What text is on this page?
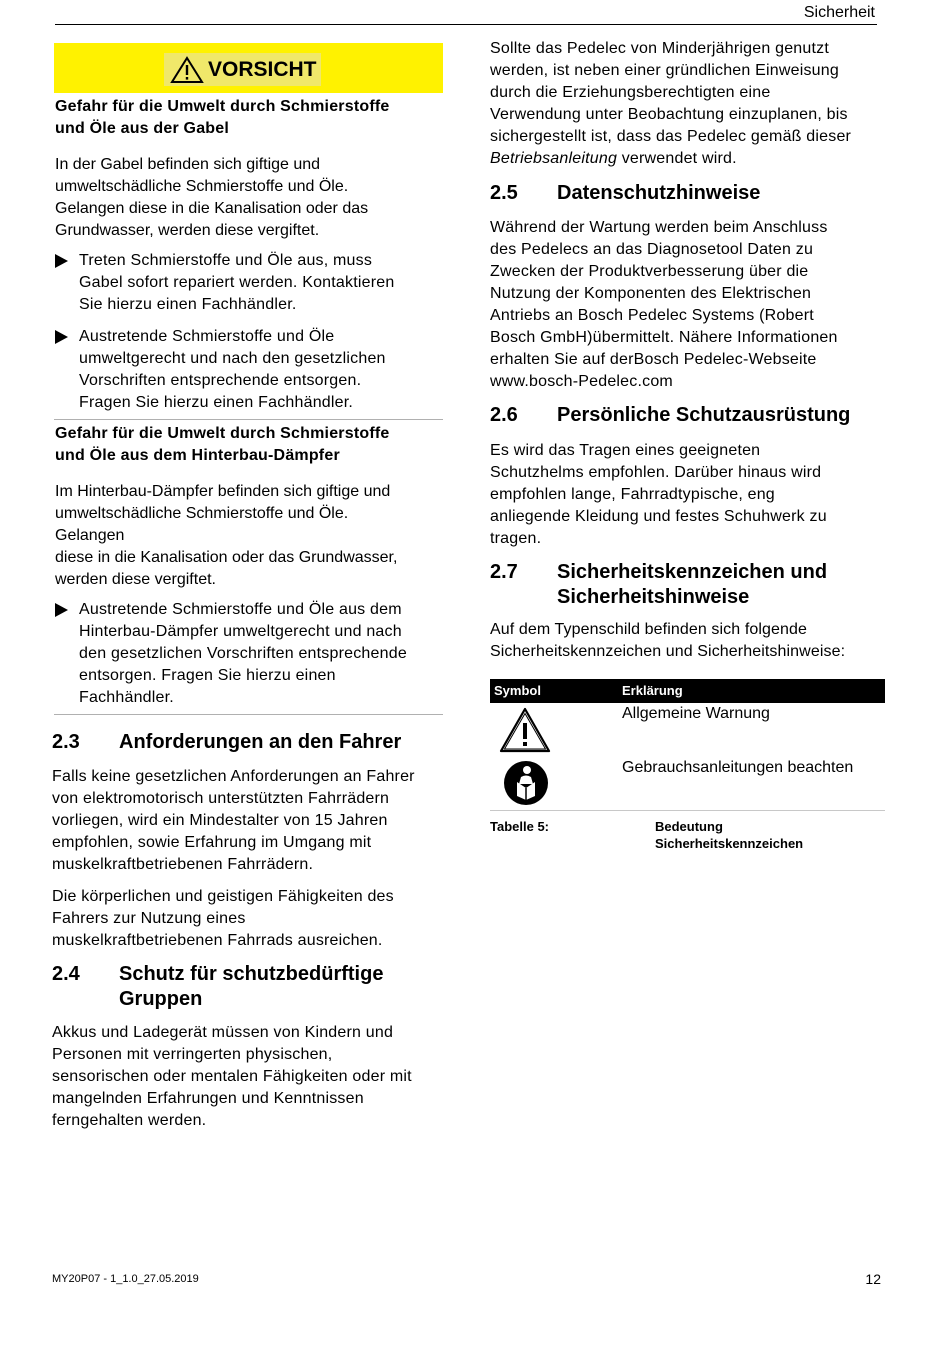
Sicherheit
VORSICHT

Gefahr für die Umwelt durch Schmierstoffe

und Öle aus der Gabel

In der Gabel befinden sich giftige und

umweltschädliche Schmierstoffe und Öle.

Gelangen diese in die Kanalisation oder das

Grundwasser, werden diese vergiftet.

Treten Schmierstoffe und Öle aus, muss

Gabel sofort repariert werden. Kontaktieren

Sie hierzu einen Fachhändler.

Austretende Schmierstoffe und Öle

umweltgerecht und nach den gesetzlichen

Vorschriften entsprechende entsorgen.

Fragen Sie hierzu einen Fachhändler.

Gefahr für die Umwelt durch Schmierstoffe

und Öle aus dem Hinterbau-Dämpfer

Im Hinterbau-Dämpfer befinden sich giftige und

umweltschädliche Schmierstoffe und Öle.

Gelangen

diese in die Kanalisation oder das Grundwasser,

werden diese vergiftet.

Austretende Schmierstoffe und Öle aus dem

Hinterbau-Dämpfer umweltgerecht und nach

den gesetzlichen Vorschriften entsprechende

entsorgen. Fragen Sie hierzu einen

Fachhändler.

2.3	Anforderungen an den Fahrer

Falls keine gesetzlichen Anforderungen an Fahrer

von elektromotorisch unterstützten Fahrrädern

vorliegen, wird ein Mindestalter von 15 Jahren

empfohlen, sowie Erfahrung im Umgang mit

muskelkraftbetriebenen Fahrrädern.

Die körperlichen und geistigen Fähigkeiten des

Fahrers zur Nutzung eines

muskelkraftbetriebenen Fahrrads ausreichen.

2.4	Schutz für schutzbedürftige
Gruppen

Akkus und Ladegerät müssen von Kindern und

Personen mit verringerten physischen,

sensorischen oder mentalen Fähigkeiten oder mit

mangelnden Erfahrungen und Kenntnissen

ferngehalten werden.

Sollte das Pedelec von Minderjährigen genutzt

werden, ist neben einer gründlichen Einweisung

durch die Erziehungsberechtigten eine

Verwendung unter Beobachtung einzuplanen, bis

sichergestellt ist, dass das Pedelec gemäß dieser

Betriebsanleitung verwendet wird.

2.5	Datenschutzhinweise

Während der Wartung werden beim Anschluss

des Pedelecs an das Diagnosetool Daten zu

Zwecken der Produktverbesserung über die

Nutzung der Komponenten des Elektrischen

Antriebs an Bosch Pedelec Systems (Robert

Bosch GmbH)übermittelt. Nähere Informationen

erhalten Sie auf derBosch Pedelec-Webseite

www.bosch-Pedelec.com

2.6	Persönliche Schutzausrüstung

Es wird das Tragen eines geeigneten

Schutzhelms empfohlen. Darüber hinaus wird

empfohlen lange, Fahrradtypische, eng

anliegende Kleidung und festes Schuhwerk zu

tragen.

2.7	Sicherheitskennzeichen und
Sicherheitshinweise

Auf dem Typenschild befinden sich folgende

Sicherheitskennzeichen und Sicherheitshinweise:

Symbol	Erklärung
Allgemeine Warnung
Gebrauchsanleitungen beachten
Tabelle 5:	Bedeutung

Sicherheitskennzeichen

MY20P07 - 1_1.0_27.05.2019	12
